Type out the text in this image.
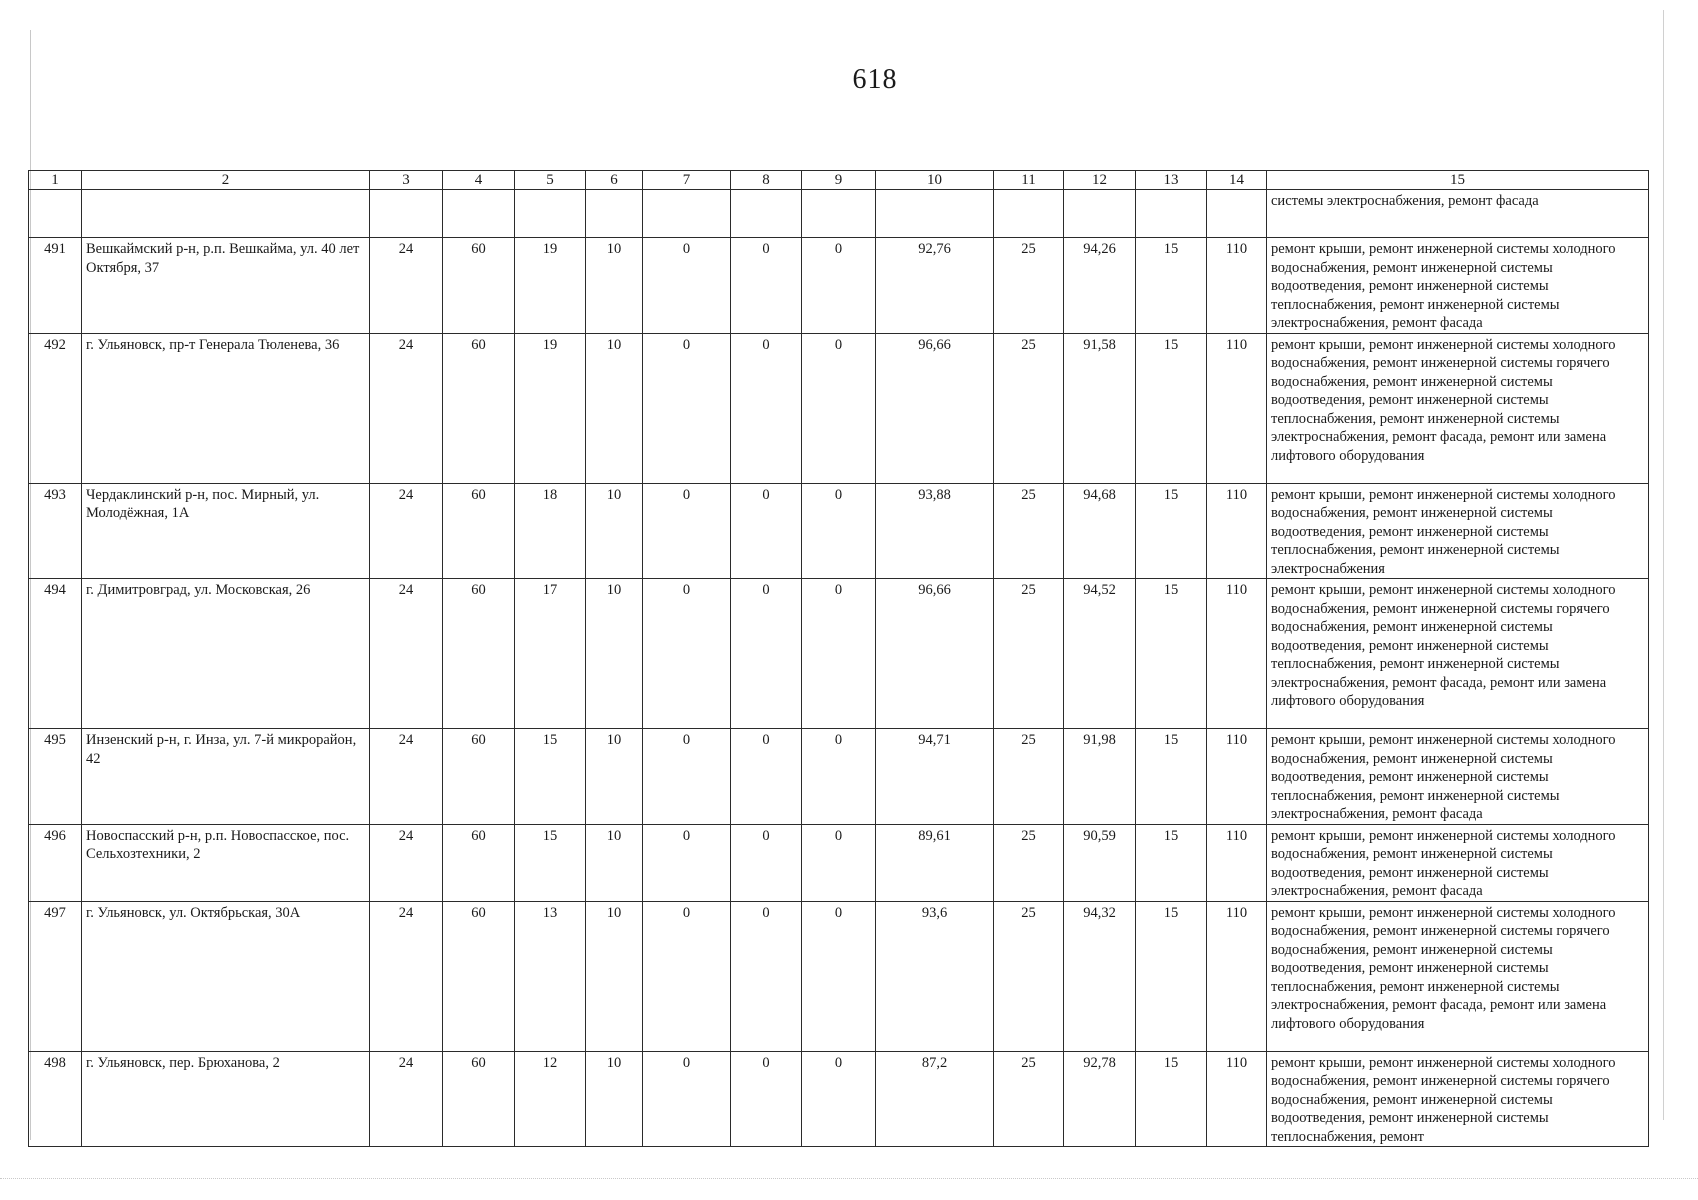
618
1	2	3	4	5	6	7	8	9	10	11	12	13	14	15
														системы электроснабжения, ремонт фасада
491	Вешкаймский р-н, р.п. Вешкайма, ул. 40 лет Октября, 37	24	60	19	10	0	0	0	92,76	25	94,26	15	110	ремонт крыши, ремонт инженерной системы холодного водоснабжения, ремонт инженерной системы водоотведения, ремонт инженерной системы теплоснабжения, ремонт инженерной системы электроснабжения, ремонт фасада
492	г. Ульяновск, пр-т Генерала Тюленева, 36	24	60	19	10	0	0	0	96,66	25	91,58	15	110	ремонт крыши, ремонт инженерной системы холодного водоснабжения, ремонт инженерной системы горячего водоснабжения, ремонт инженерной системы водоотведения, ремонт инженерной системы теплоснабжения, ремонт инженерной системы электроснабжения, ремонт фасада, ремонт или замена лифтового оборудования
493	Чердаклинский р-н, пос. Мирный, ул. Молодёжная, 1А	24	60	18	10	0	0	0	93,88	25	94,68	15	110	ремонт крыши, ремонт инженерной системы холодного водоснабжения, ремонт инженерной системы водоотведения, ремонт инженерной системы теплоснабжения, ремонт инженерной системы электроснабжения
494	г. Димитровград, ул. Московская, 26	24	60	17	10	0	0	0	96,66	25	94,52	15	110	ремонт крыши, ремонт инженерной системы холодного водоснабжения, ремонт инженерной системы горячего водоснабжения, ремонт инженерной системы водоотведения, ремонт инженерной системы теплоснабжения, ремонт инженерной системы электроснабжения, ремонт фасада, ремонт или замена лифтового оборудования
495	Инзенский р-н, г. Инза, ул. 7-й микрорайон, 42	24	60	15	10	0	0	0	94,71	25	91,98	15	110	ремонт крыши, ремонт инженерной системы холодного водоснабжения, ремонт инженерной системы водоотведения, ремонт инженерной системы теплоснабжения, ремонт инженерной системы электроснабжения, ремонт фасада
496	Новоспасский р-н, р.п. Новоспасское, пос. Сельхозтехники, 2	24	60	15	10	0	0	0	89,61	25	90,59	15	110	ремонт крыши, ремонт инженерной системы холодного водоснабжения, ремонт инженерной системы водоотведения, ремонт инженерной системы электроснабжения, ремонт фасада
497	г. Ульяновск, ул. Октябрьская, 30А	24	60	13	10	0	0	0	93,6	25	94,32	15	110	ремонт крыши, ремонт инженерной системы холодного водоснабжения, ремонт инженерной системы горячего водоснабжения, ремонт инженерной системы водоотведения, ремонт инженерной системы теплоснабжения, ремонт инженерной системы электроснабжения, ремонт фасада, ремонт или замена лифтового оборудования
498	г. Ульяновск, пер. Брюханова, 2	24	60	12	10	0	0	0	87,2	25	92,78	15	110	ремонт крыши, ремонт инженерной системы холодного водоснабжения, ремонт инженерной системы горячего водоснабжения, ремонт инженерной системы водоотведения, ремонт инженерной системы теплоснабжения, ремонт
